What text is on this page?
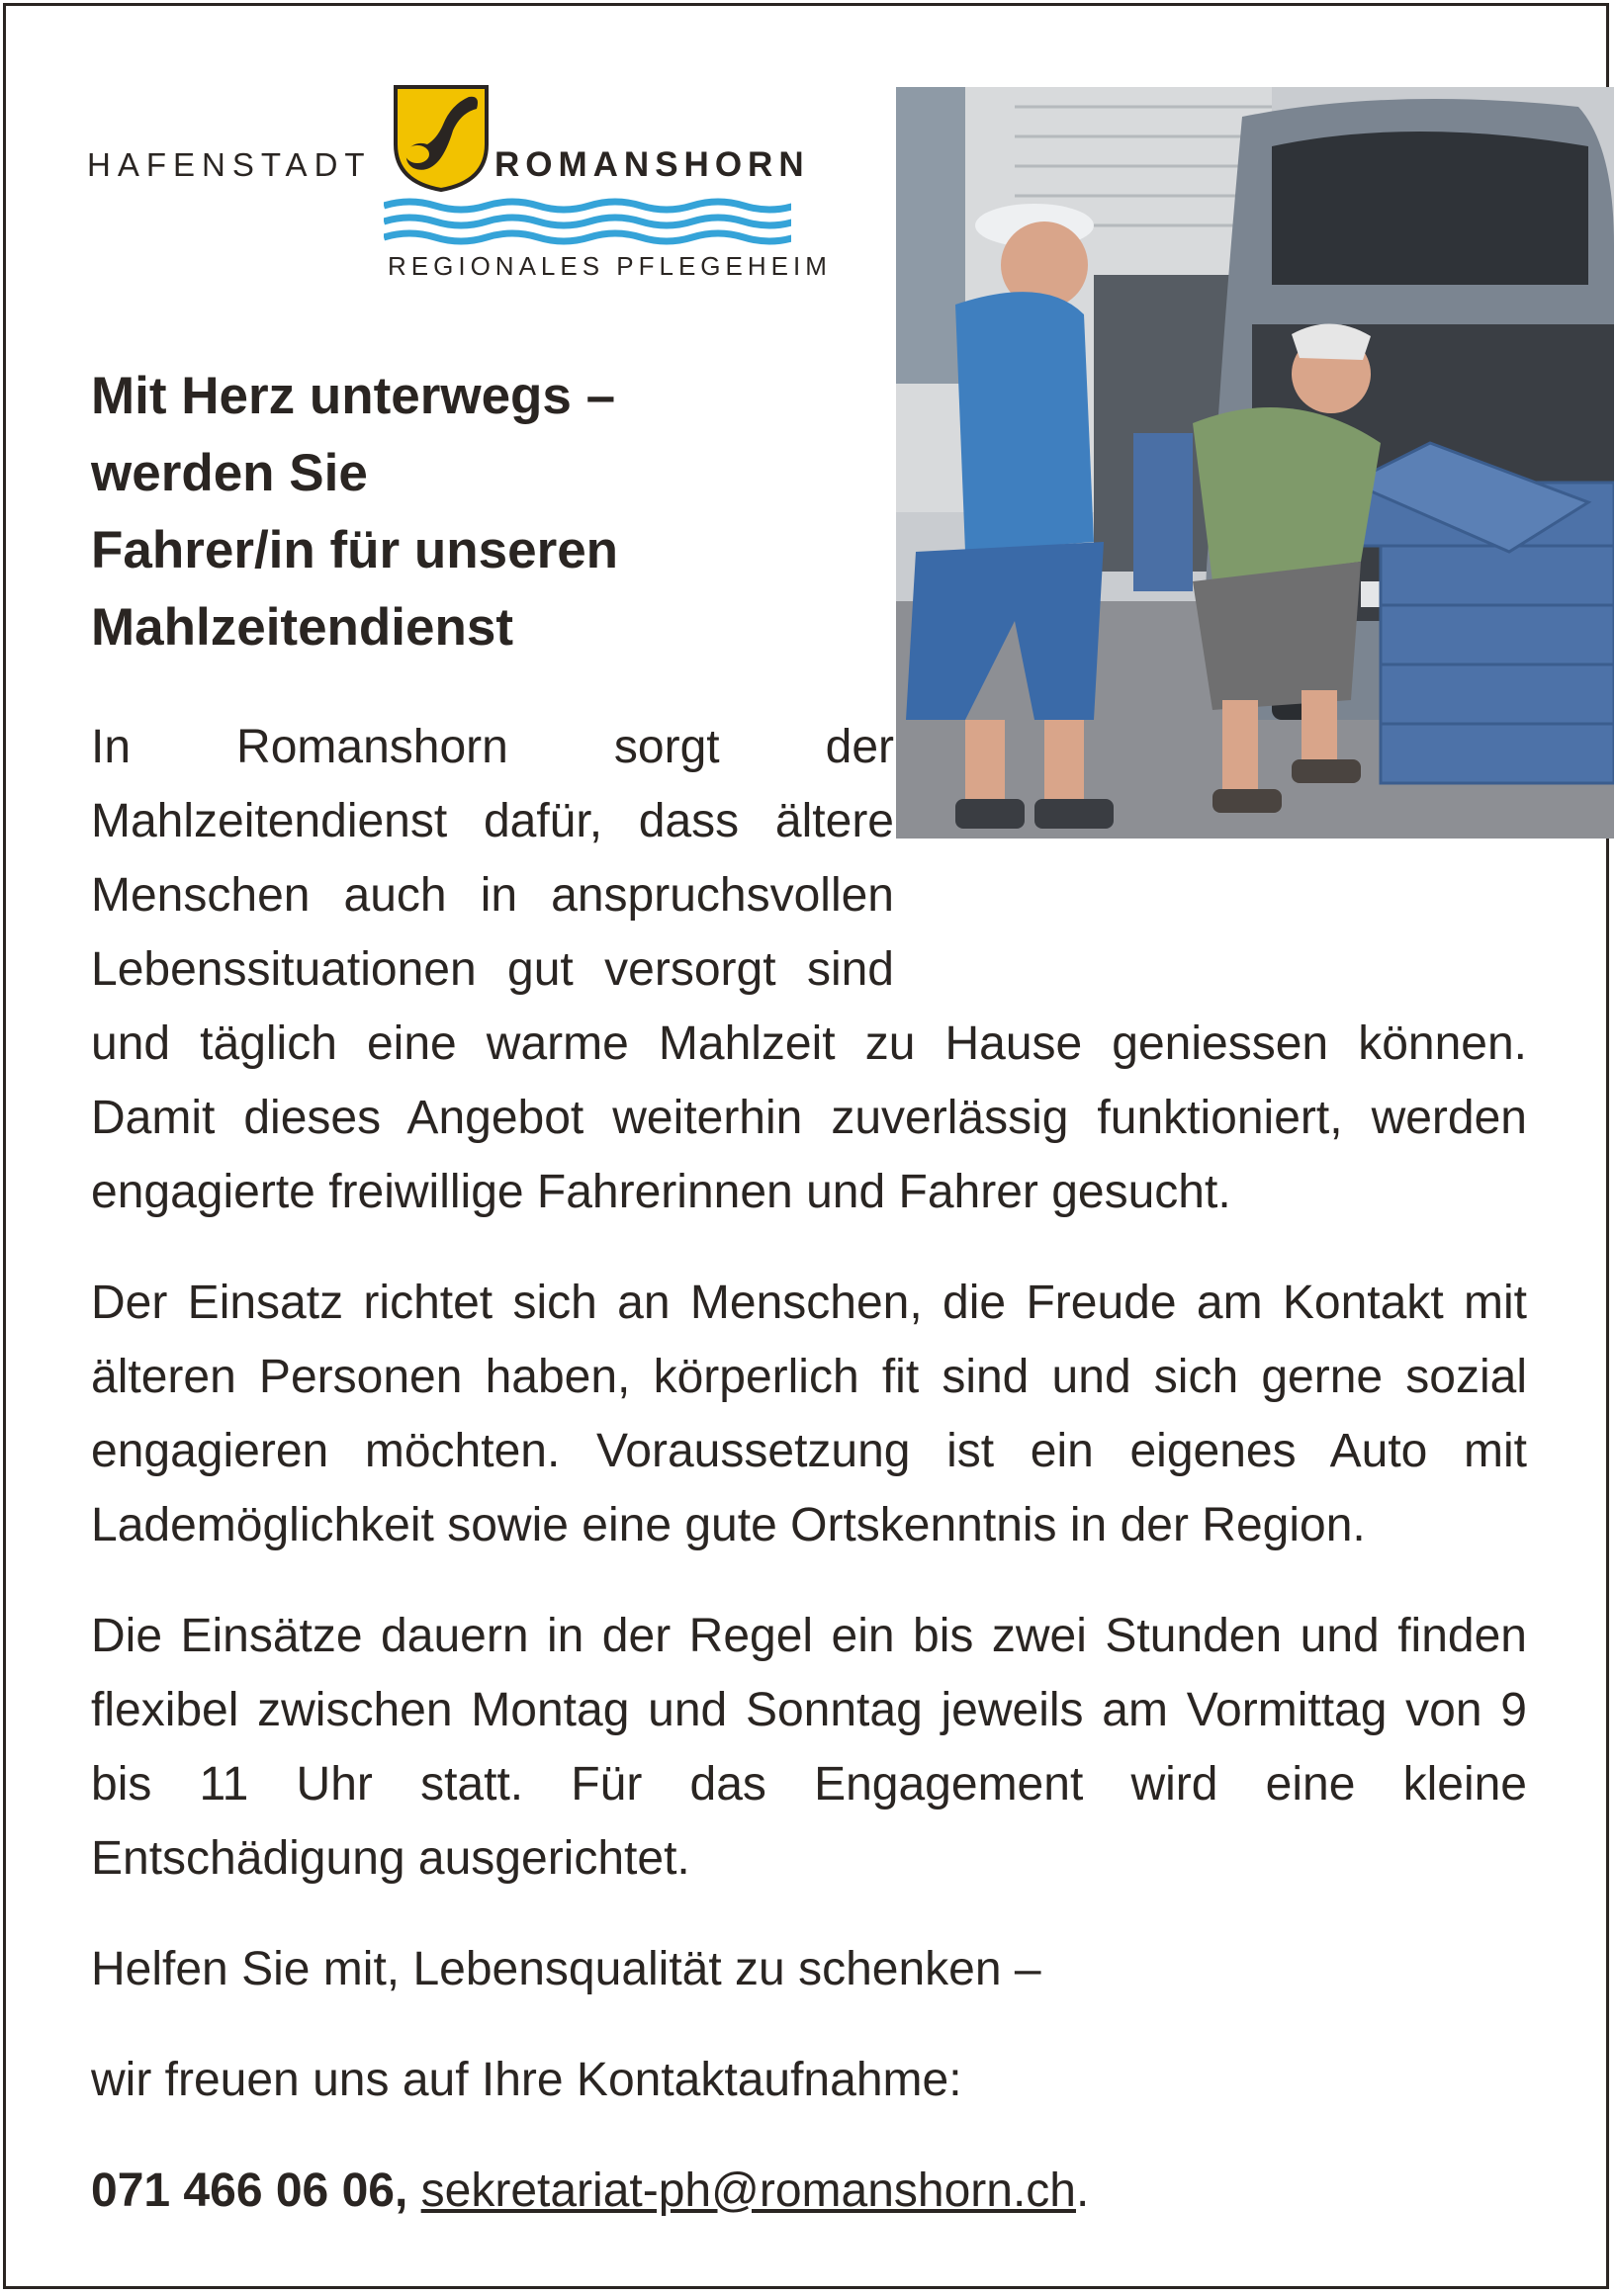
HAFENSTADT	ROMANSHORN
REGIONALES PFLEGEHEIM
Mit Herz unterwegs –
werden Sie
Fahrer/in für unseren
Mahlzeitendienst

In Romanshorn sorgt der Mahlzeitendienst dafür, dass ältere Menschen auch in anspruchsvollen Lebenssituationen gut versorgt sind und täglich eine warme Mahlzeit zu Hause geniessen können. Damit dieses Angebot weiterhin zuverlässig funktioniert, werden engagierte freiwillige Fahrerinnen und Fahrer gesucht.

Der Einsatz richtet sich an Menschen, die Freude am Kontakt mit älteren Personen haben, körperlich fit sind und sich gerne sozial engagieren möchten. Voraussetzung ist ein eigenes Auto mit Lademöglichkeit sowie eine gute Ortskenntnis in der Region.

Die Einsätze dauern in der Regel ein bis zwei Stunden und finden flexibel zwischen Montag und Sonntag jeweils am Vormittag von 9 bis 11 Uhr statt. Für das Engagement wird eine kleine Entschädigung ausgerichtet.

Helfen Sie mit, Lebensqualität zu schenken –

wir freuen uns auf Ihre Kontaktaufnahme:

071 466 06 06, sekretariat-ph@romanshorn.ch.
